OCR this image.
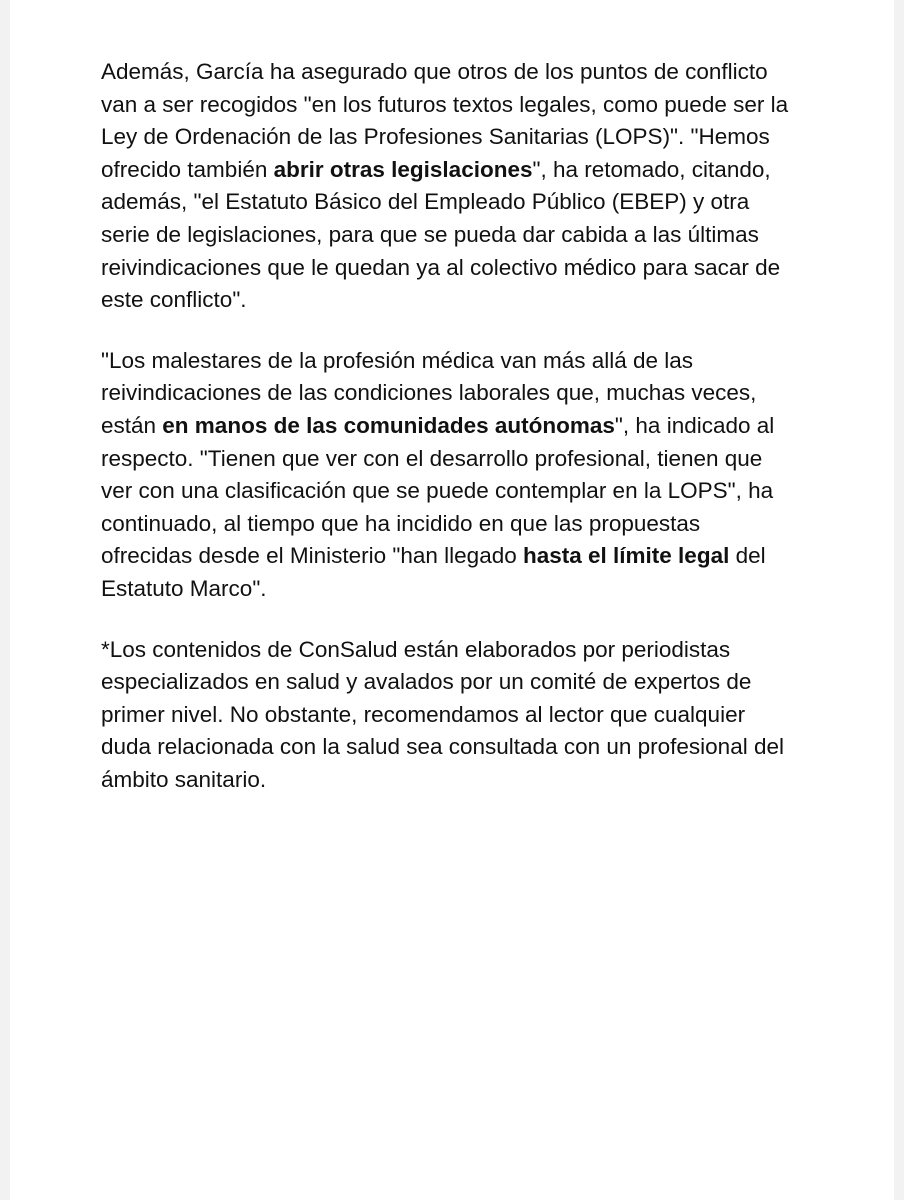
Además, García ha asegurado que otros de los puntos de conflicto
van a ser recogidos "en los futuros textos legales, como puede ser la
Ley de Ordenación de las Profesiones Sanitarias (LOPS)". "Hemos
ofrecido también abrir otras legislaciones", ha retomado, citando,
además, "el Estatuto Básico del Empleado Público (EBEP) y otra
serie de legislaciones, para que se pueda dar cabida a las últimas
reivindicaciones que le quedan ya al colectivo médico para sacar de
este conflicto".

"Los malestares de la profesión médica van más allá de las
reivindicaciones de las condiciones laborales que, muchas veces,
están en manos de las comunidades autónomas", ha indicado al
respecto. "Tienen que ver con el desarrollo profesional, tienen que
ver con una clasificación que se puede contemplar en la LOPS", ha
continuado, al tiempo que ha incidido en que las propuestas
ofrecidas desde el Ministerio "han llegado hasta el límite legal del
Estatuto Marco".

*Los contenidos de ConSalud están elaborados por periodistas
especializados en salud y avalados por un comité de expertos de
primer nivel. No obstante, recomendamos al lector que cualquier
duda relacionada con la salud sea consultada con un profesional del
ámbito sanitario.
